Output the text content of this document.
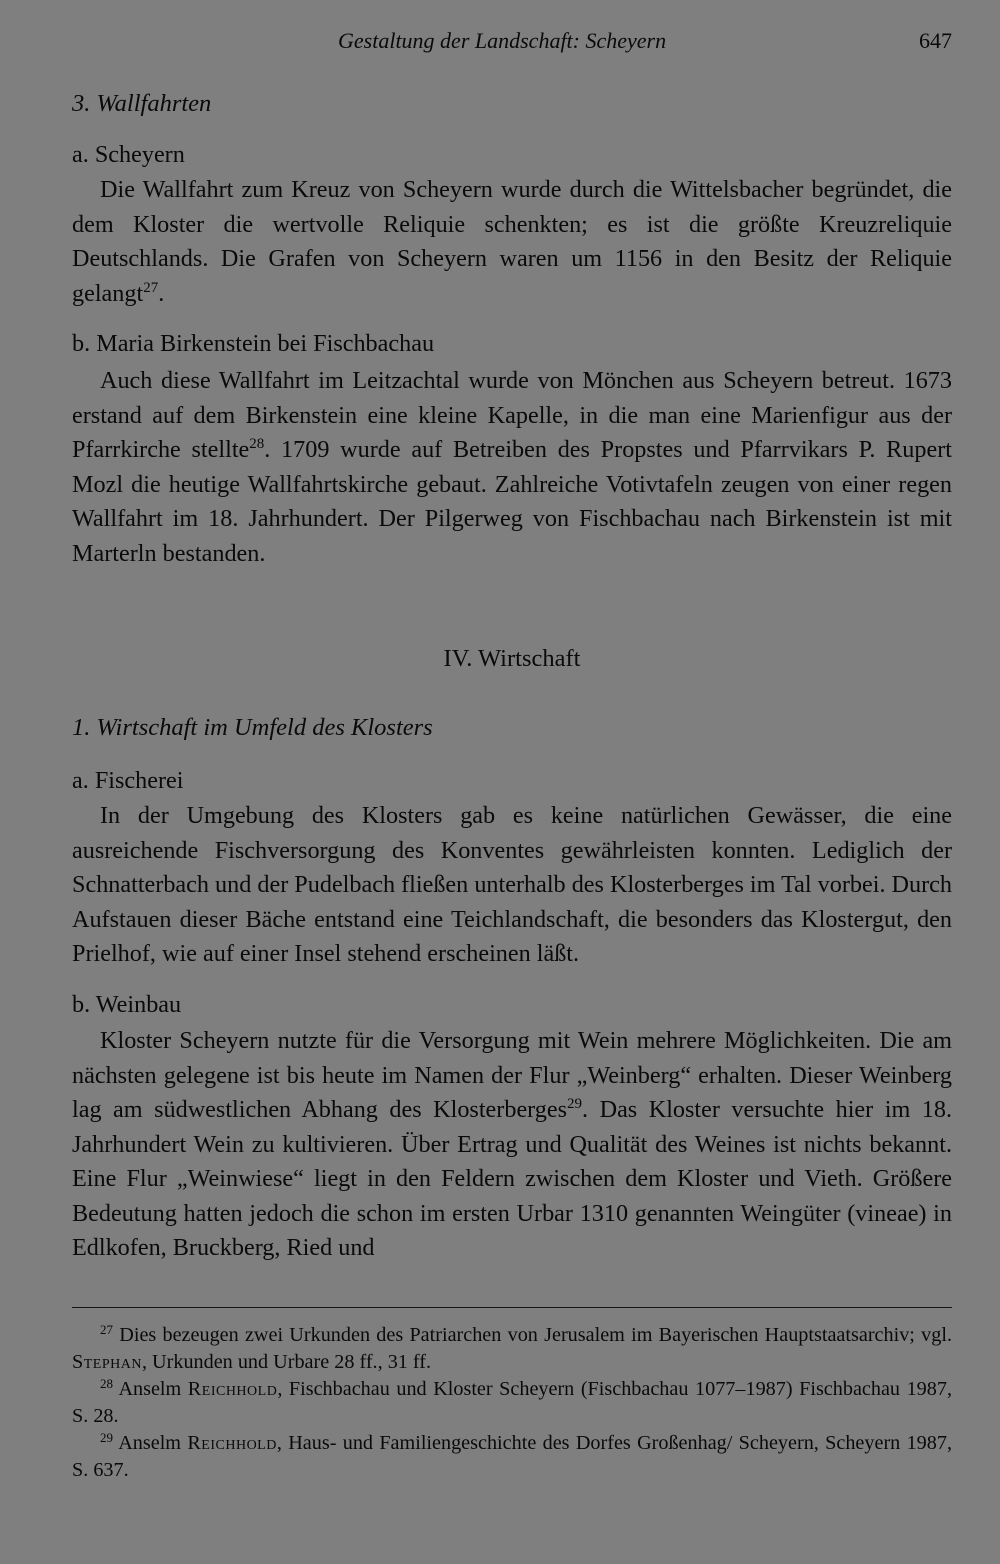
Gestaltung der Landschaft: Scheyern	647
3. Wallfahrten
a. Scheyern
Die Wallfahrt zum Kreuz von Scheyern wurde durch die Wittelsbacher begründet, die dem Kloster die wertvolle Reliquie schenkten; es ist die größte Kreuzreliquie Deutschlands. Die Grafen von Scheyern waren um 1156 in den Besitz der Reliquie gelangt$^{27}$.
b. Maria Birkenstein bei Fischbachau
Auch diese Wallfahrt im Leitzachtal wurde von Mönchen aus Scheyern betreut. 1673 erstand auf dem Birkenstein eine kleine Kapelle, in die man eine Marienfigur aus der Pfarrkirche stellte$^{28}$. 1709 wurde auf Betreiben des Propstes und Pfarrvikars P. Rupert Mozl die heutige Wallfahrtskirche gebaut. Zahlreiche Votivtafeln zeugen von einer regen Wallfahrt im 18. Jahrhundert. Der Pilgerweg von Fischbachau nach Birkenstein ist mit Marterln bestanden.
IV. Wirtschaft
1. Wirtschaft im Umfeld des Klosters
a. Fischerei
In der Umgebung des Klosters gab es keine natürlichen Gewässer, die eine ausreichende Fischversorgung des Konventes gewährleisten konnten. Lediglich der Schnatterbach und der Pudelbach fließen unterhalb des Klosterberges im Tal vorbei. Durch Aufstauen dieser Bäche entstand eine Teichlandschaft, die besonders das Klostergut, den Prielhof, wie auf einer Insel stehend erscheinen läßt.
b. Weinbau
Kloster Scheyern nutzte für die Versorgung mit Wein mehrere Möglichkeiten. Die am nächsten gelegene ist bis heute im Namen der Flur „Weinberg“ erhalten. Dieser Weinberg lag am südwestlichen Abhang des Klosterberges$^{29}$. Das Kloster versuchte hier im 18. Jahrhundert Wein zu kultivieren. Über Ertrag und Qualität des Weines ist nichts bekannt. Eine Flur „Weinwiese“ liegt in den Feldern zwischen dem Kloster und Vieth. Größere Bedeutung hatten jedoch die schon im ersten Urbar 1310 genannten Weingüter (vineae) in Edlkofen, Bruckberg, Ried und
$^{27}$ Dies bezeugen zwei Urkunden des Patriarchen von Jerusalem im Bayerischen Hauptstaatsarchiv; vgl. Stephan, Urkunden und Urbare 28 ff., 31 ff.
$^{28}$ Anselm Reichhold, Fischbachau und Kloster Scheyern (Fischbachau 1077–1987) Fischbachau 1987, S. 28.
$^{29}$ Anselm Reichhold, Haus- und Familiengeschichte des Dorfes Großenhag/ Scheyern, Scheyern 1987, S. 637.
